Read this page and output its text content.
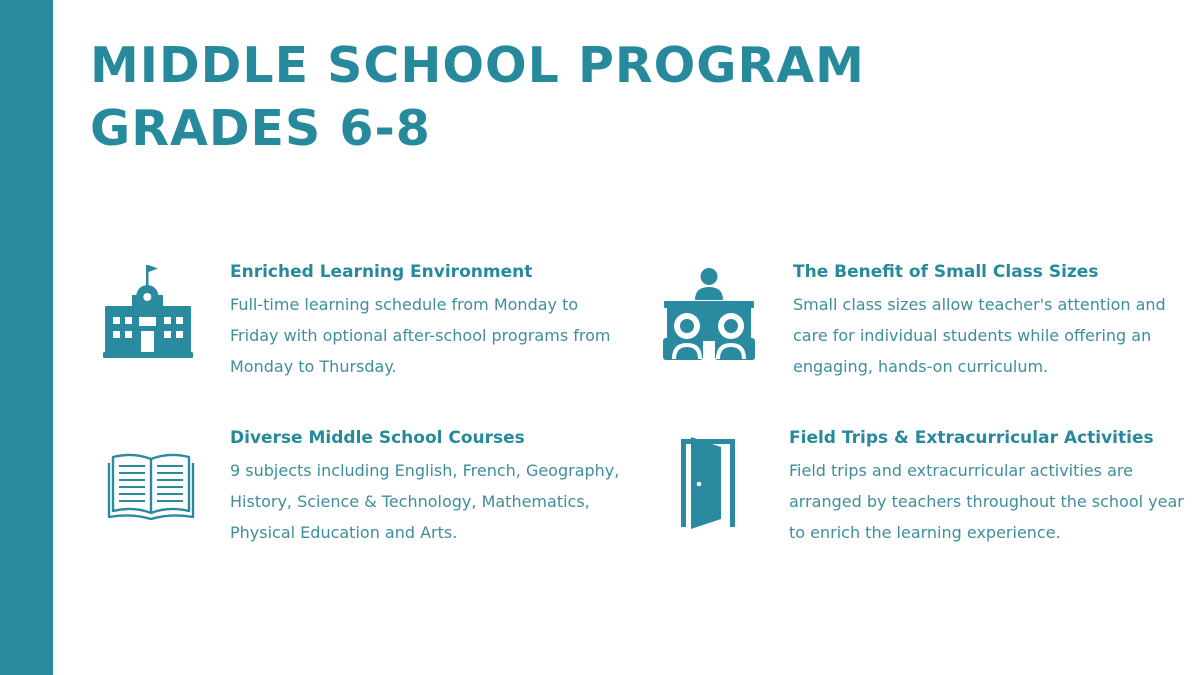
MIDDLE SCHOOL PROGRAM
GRADES 6-8
Enriched Learning Environment

Full-time learning schedule from Monday to Friday with optional after-school programs from Monday to Thursday.

The Benefit of Small Class Sizes

Small class sizes allow teacher's attention and care for individual students while offering an engaging, hands-on curriculum.

Diverse Middle School Courses

9 subjects including English, French, Geography, History, Science & Technology, Mathematics, Physical Education and Arts.

Field Trips & Extracurricular Activities

Field trips and extracurricular activities are arranged by teachers throughout the school year to enrich the learning experience.
